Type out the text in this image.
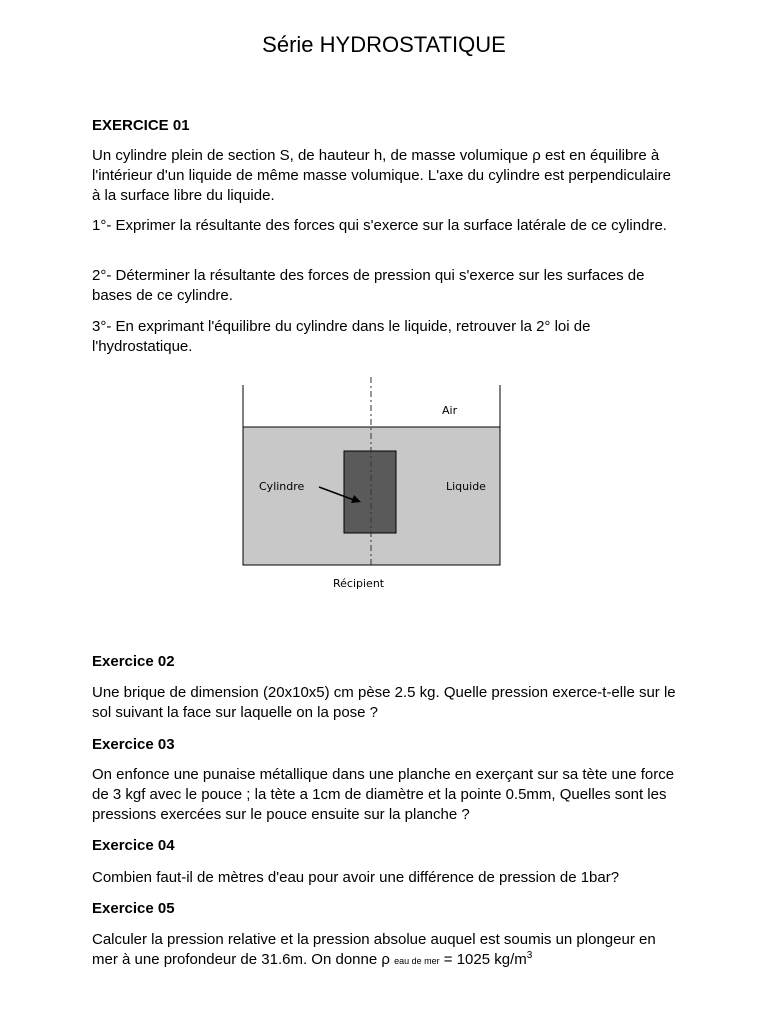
Série HYDROSTATIQUE
EXERCICE 01
Un cylindre plein de section S, de hauteur h, de masse volumique ρ est en équilibre à l'intérieur d'un liquide de même masse volumique. L'axe du cylindre est perpendiculaire à la surface libre du liquide.
1°- Exprimer la résultante des forces qui s'exerce sur la surface latérale de ce cylindre.
2°- Déterminer la résultante des forces de pression qui s'exerce sur les surfaces de bases de ce cylindre.
3°- En exprimant l'équilibre du cylindre dans le liquide, retrouver la 2° loi de l'hydrostatique.
Air
Cylindre	Liquide
Récipient
Exercice 02
Une brique de dimension (20x10x5) cm pèse 2.5 kg. Quelle pression exerce-t-elle sur le sol suivant la face sur laquelle on la pose ?
Exercice 03
On enfonce une punaise métallique dans une planche en exerçant sur sa tète une force de 3 kgf avec le pouce ; la tète a 1cm de diamètre et la pointe 0.5mm, Quelles sont les pressions exercées sur le pouce ensuite sur la planche ?
Exercice 04
Combien faut-il de mètres d'eau pour avoir une différence de pression de 1bar?
Exercice 05
Calculer la pression relative et la pression absolue auquel est soumis un plongeur en mer à une profondeur de 31.6m. On donne ρ eau de mer = 1025 $kg/m^3$
